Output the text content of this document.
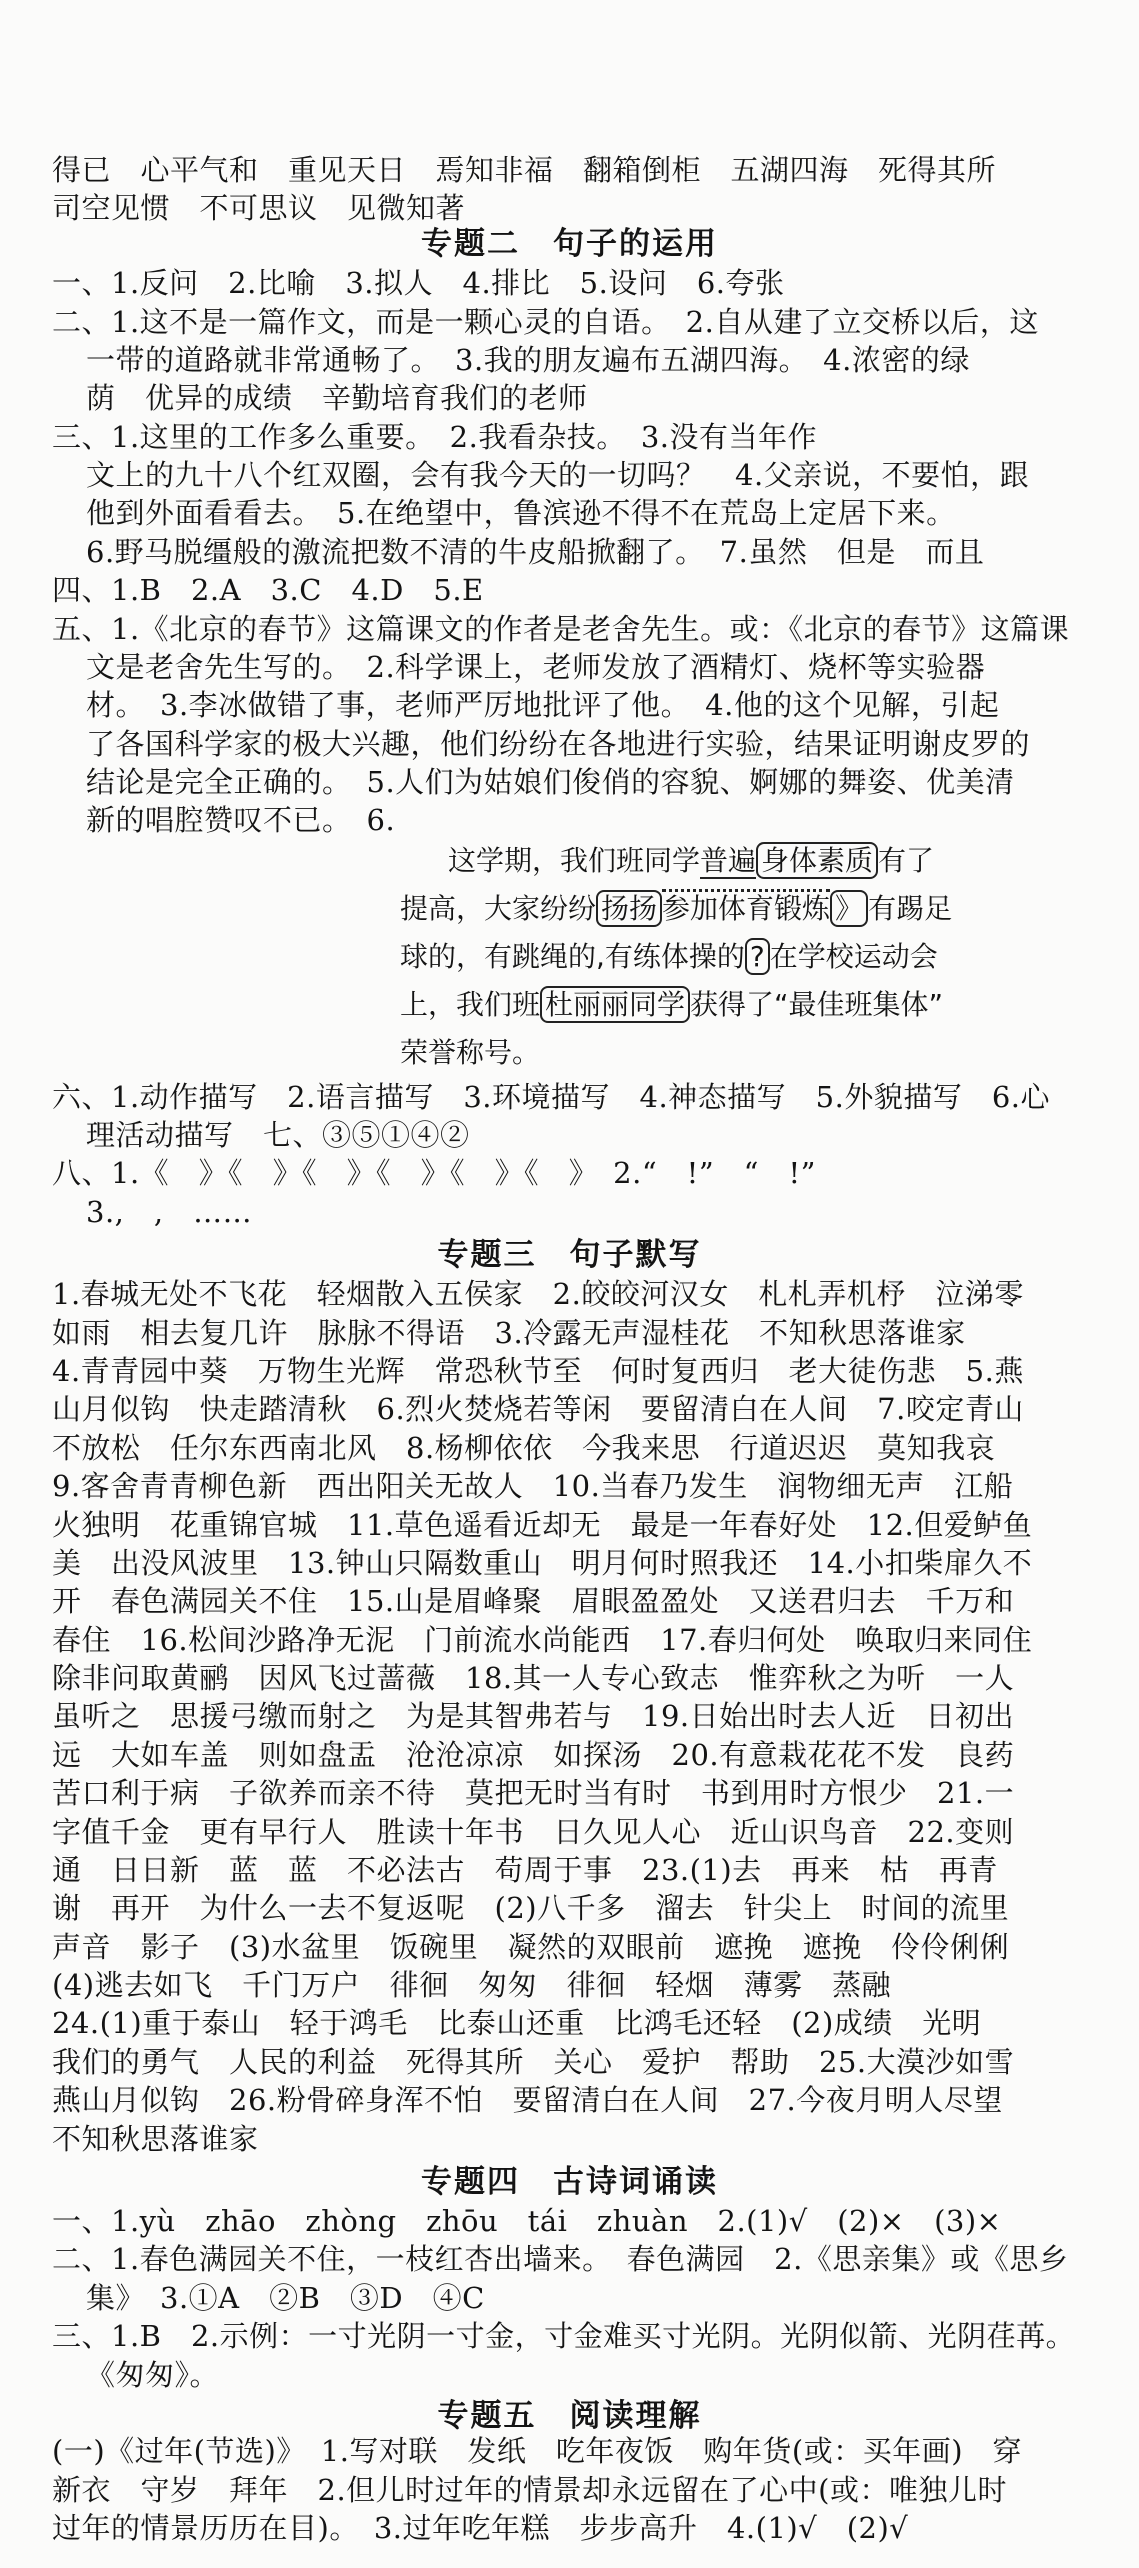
得已　心平气和　重见天日　焉知非福　翻箱倒柜　五湖四海　死得其所
司空见惯　不可思议　见微知著
专题二　句子的运用
一、1.反问　2.比喻　3.拟人　4.排比　5.设问　6.夸张
二、1.这不是一篇作文，而是一颗心灵的自语。　2.自从建了立交桥以后，这
一带的道路就非常通畅了。　3.我的朋友遍布五湖四海。　4.浓密的绿
荫　优异的成绩　辛勤培育我们的老师
三、1.这里的工作多么重要。　2.我看杂技。　3.没有当年作
文上的九十八个红双圈，会有我今天的一切吗？　4.父亲说，不要怕，跟
他到外面看看去。　5.在绝望中，鲁滨逊不得不在荒岛上定居下来。
6.野马脱缰般的激流把数不清的牛皮船掀翻了。　7.虽然　但是　而且
四、1.B　2.A　3.C　4.D　5.E
五、1.《北京的春节》这篇课文的作者是老舍先生。或：《北京的春节》这篇课
文是老舍先生写的。　2.科学课上，老师发放了酒精灯、烧杯等实验器
材。　3.李冰做错了事，老师严厉地批评了他。　4.他的这个见解，引起
了各国科学家的极大兴趣，他们纷纷在各地进行实验，结果证明谢皮罗的
结论是完全正确的。　5.人们为姑娘们俊俏的容貌、婀娜的舞姿、优美清
新的唱腔赞叹不已。　6.
这学期，我们班同学普遍 身体素质 有了
提高，大家纷纷 扬扬 参加体育锻炼 》 有踢足
球的，有跳绳的,有练体操的 ? 在学校运动会
上，我们班 杜丽丽同学 获得了“最佳班集体”
荣誉称号。
六、1.动作描写　2.语言描写　3.环境描写　4.神态描写　5.外貌描写　6.心
理活动描写　七、③⑤①④②
八、1.《　》《　》《　》《　》《　》《　》　2.“　!”　“　!”
3.,　,　……
专题三　句子默写
1.春城无处不飞花　轻烟散入五侯家　2.皎皎河汉女　札札弄机杼　泣涕零
如雨　相去复几许　脉脉不得语　3.冷露无声湿桂花　不知秋思落谁家
4.青青园中葵　万物生光辉　常恐秋节至　何时复西归　老大徒伤悲　5.燕
山月似钩　快走踏清秋　6.烈火焚烧若等闲　要留清白在人间　7.咬定青山
不放松　任尔东西南北风　8.杨柳依依　今我来思　行道迟迟　莫知我哀
9.客舍青青柳色新　西出阳关无故人　10.当春乃发生　润物细无声　江船
火独明　花重锦官城　11.草色遥看近却无　最是一年春好处　12.但爱鲈鱼
美　出没风波里　13.钟山只隔数重山　明月何时照我还　14.小扣柴扉久不
开　春色满园关不住　15.山是眉峰聚　眉眼盈盈处　又送君归去　千万和
春住　16.松间沙路净无泥　门前流水尚能西　17.春归何处　唤取归来同住
除非问取黄鹂　因风飞过蔷薇　18.其一人专心致志　惟弈秋之为听　一人
虽听之　思援弓缴而射之　为是其智弗若与　19.日始出时去人近　日初出
远　大如车盖　则如盘盂　沧沧凉凉　如探汤　20.有意栽花花不发　良药
苦口利于病　子欲养而亲不待　莫把无时当有时　书到用时方恨少　21.一
字值千金　更有早行人　胜读十年书　日久见人心　近山识鸟音　22.变则
通　日日新　蓝　蓝　不必法古　苟周于事　23.(1)去　再来　枯　再青
谢　再开　为什么一去不复返呢　(2)八千多　溜去　针尖上　时间的流里
声音　影子　(3)水盆里　饭碗里　凝然的双眼前　遮挽　遮挽　伶伶俐俐
(4)逃去如飞　千门万户　徘徊　匆匆　徘徊　轻烟　薄雾　蒸融
24.(1)重于泰山　轻于鸿毛　比泰山还重　比鸿毛还轻　(2)成绩　光明
我们的勇气　人民的利益　死得其所　关心　爱护　帮助　25.大漠沙如雪
燕山月似钩　26.粉骨碎身浑不怕　要留清白在人间　27.今夜月明人尽望
不知秋思落谁家
专题四　古诗词诵读
一、1.yù　zhāo　zhòng　zhōu　tái　zhuàn　2.(1)√　(2)×　(3)×
二、1.春色满园关不住，一枝红杏出墙来。　春色满园　2.《思亲集》或《思乡
集》　3.①A　②B　③D　④C
三、1.B　2.示例：一寸光阴一寸金，寸金难买寸光阴。光阴似箭、光阴荏苒。
《匆匆》。
专题五　阅读理解
(一)《过年(节选)》　1.写对联　发纸　吃年夜饭　购年货(或：买年画)　穿
新衣　守岁　拜年　2.但儿时过年的情景却永远留在了心中(或：唯独儿时
过年的情景历历在目)。　3.过年吃年糕　步步高升　4.(1)√　(2)√
